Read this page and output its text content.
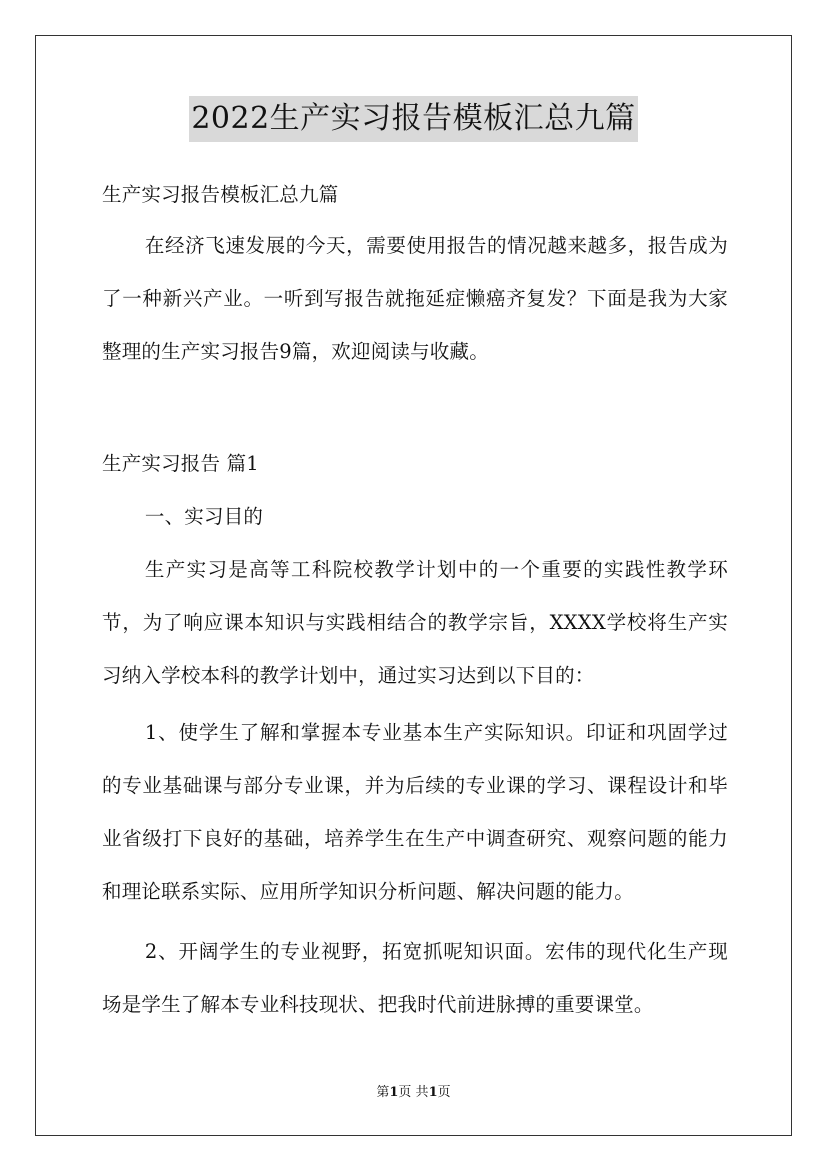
2022生产实习报告模板汇总九篇
生产实习报告模板汇总九篇
在经济飞速发展的今天，需要使用报告的情况越来越多，报告成为了一种新兴产业。一听到写报告就拖延症懒癌齐复发？下面是我为大家整理的生产实习报告9篇，欢迎阅读与收藏。
生产实习报告 篇1
一、实习目的
生产实习是高等工科院校教学计划中的一个重要的实践性教学环节，为了响应课本知识与实践相结合的教学宗旨，XXXX学校将生产实习纳入学校本科的教学计划中，通过实习达到以下目的：
1、使学生了解和掌握本专业基本生产实际知识。印证和巩固学过的专业基础课与部分专业课，并为后续的专业课的学习、课程设计和毕业省级打下良好的基础，培养学生在生产中调查研究、观察问题的能力和理论联系实际、应用所学知识分析问题、解决问题的能力。
2、开阔学生的专业视野，拓宽抓呢知识面。宏伟的现代化生产现场是学生了解本专业科技现状、把我时代前进脉搏的重要课堂。
第1页 共1页
